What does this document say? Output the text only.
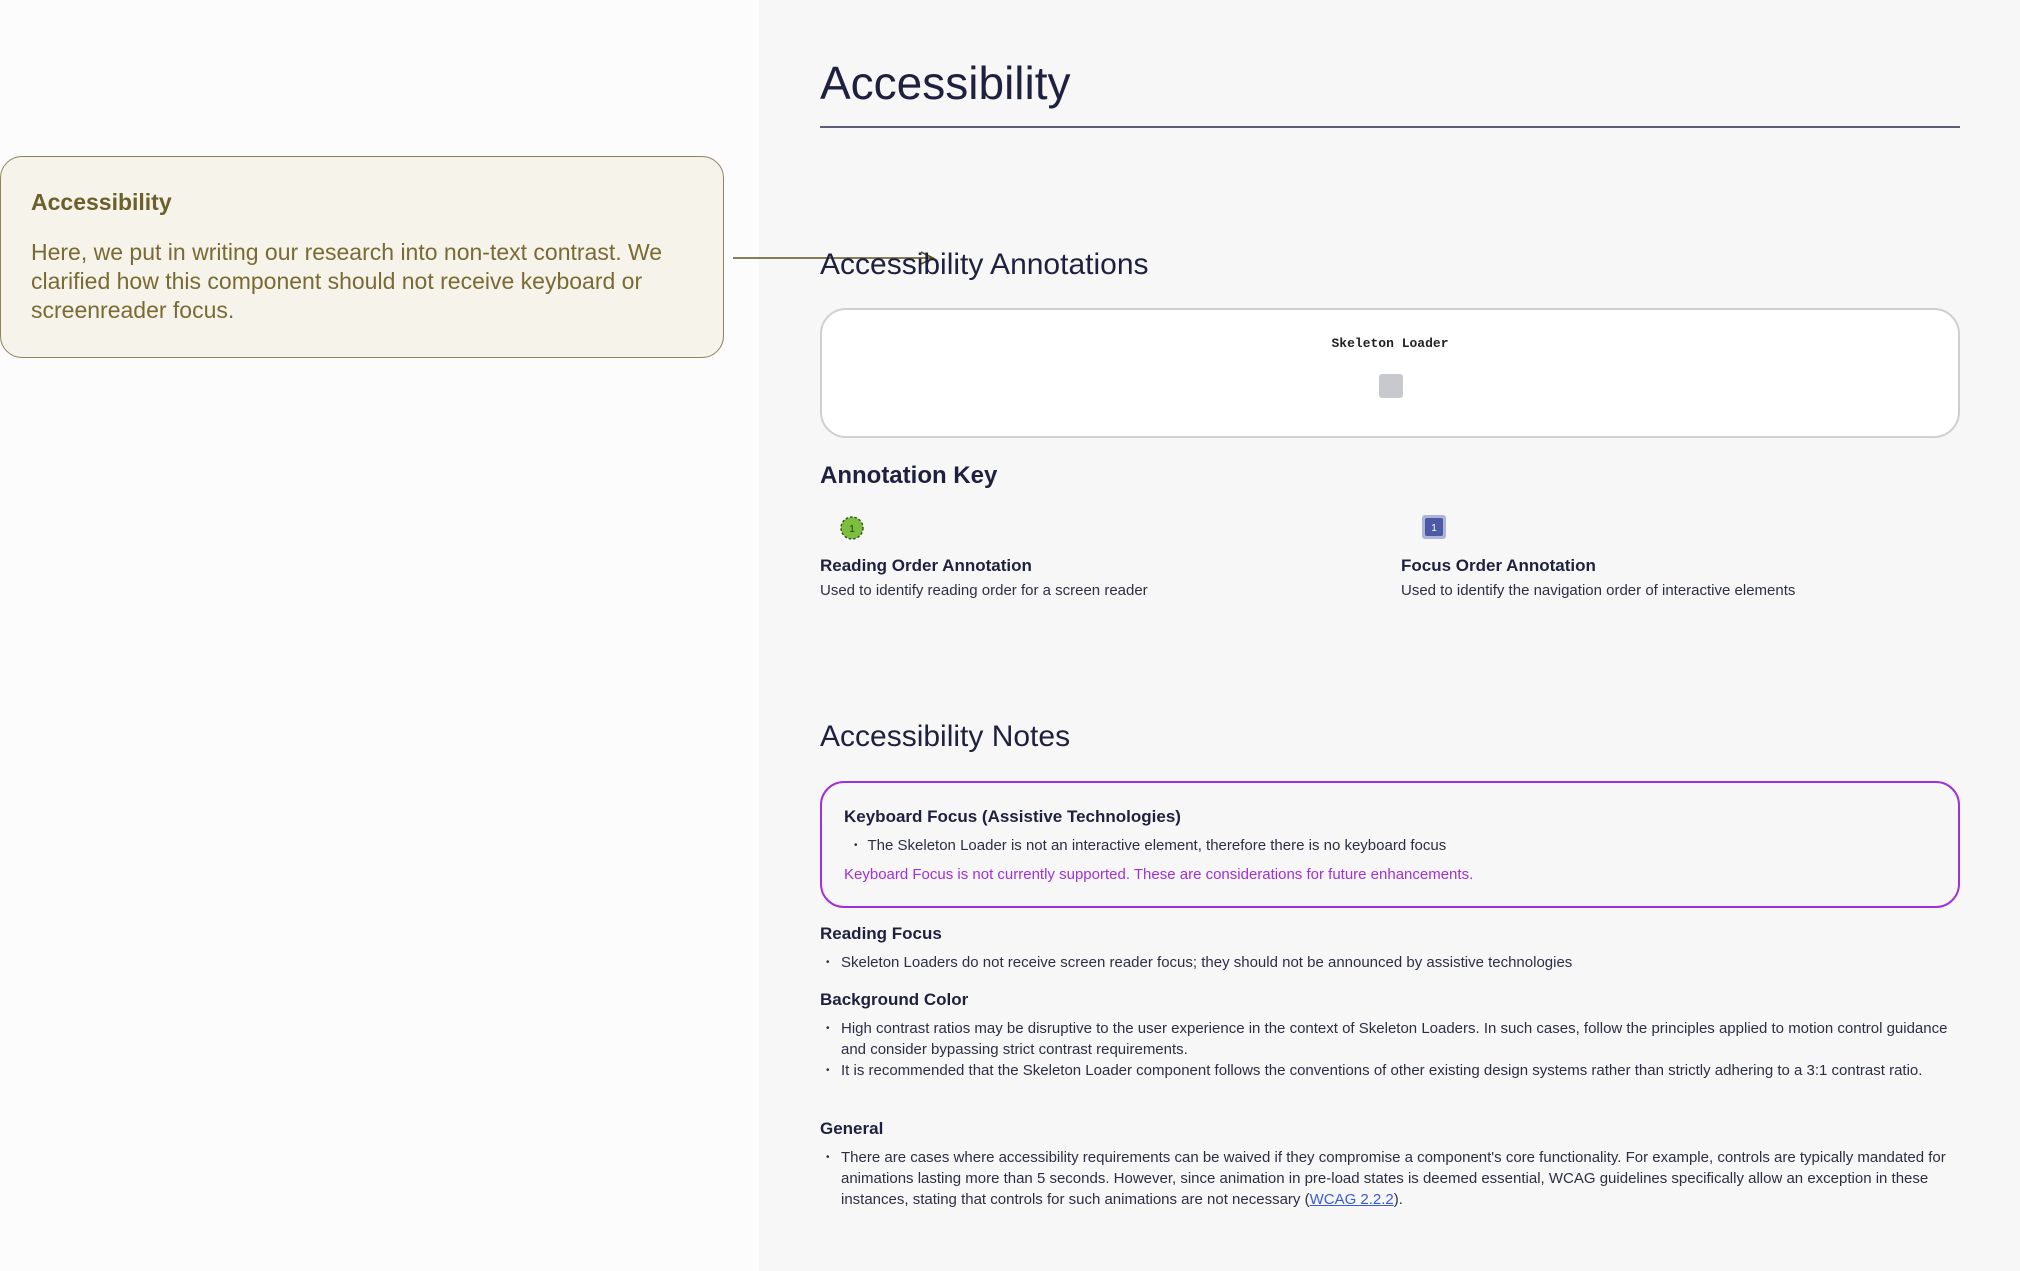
Accessibility

Here, we put in writing our research into non-text contrast. We clarified how this component should not receive keyboard or screenreader focus.

Accessibility
Accessibility Annotations
Skeleton Loader
Annotation Key
1	1

Reading Order Annotation

Used to identify reading order for a screen reader

Focus Order Annotation

Used to identify the navigation order of interactive elements

Accessibility Notes

Keyboard Focus (Assistive Technologies)

• The Skeleton Loader is not an interactive element, therefore there is no keyboard focus

Keyboard Focus is not currently supported. These are considerations for future enhancements.

Reading Focus

• Skeleton Loaders do not receive screen reader focus; they should not be announced by assistive technologies

Background Color

• High contrast ratios may be disruptive to the user experience in the context of Skeleton Loaders. In such cases, follow the principles applied to motion control guidance and consider bypassing strict contrast requirements.
• It is recommended that the Skeleton Loader component follows the conventions of other existing design systems rather than strictly adhering to a 3:1 contrast ratio.

General

• There are cases where accessibility requirements can be waived if they compromise a component's core functionality. For example, controls are typically mandated for animations lasting more than 5 seconds. However, since animation in pre-load states is deemed essential, WCAG guidelines specifically allow an exception in these instances, stating that controls for such animations are not necessary (WCAG 2.2.2).
